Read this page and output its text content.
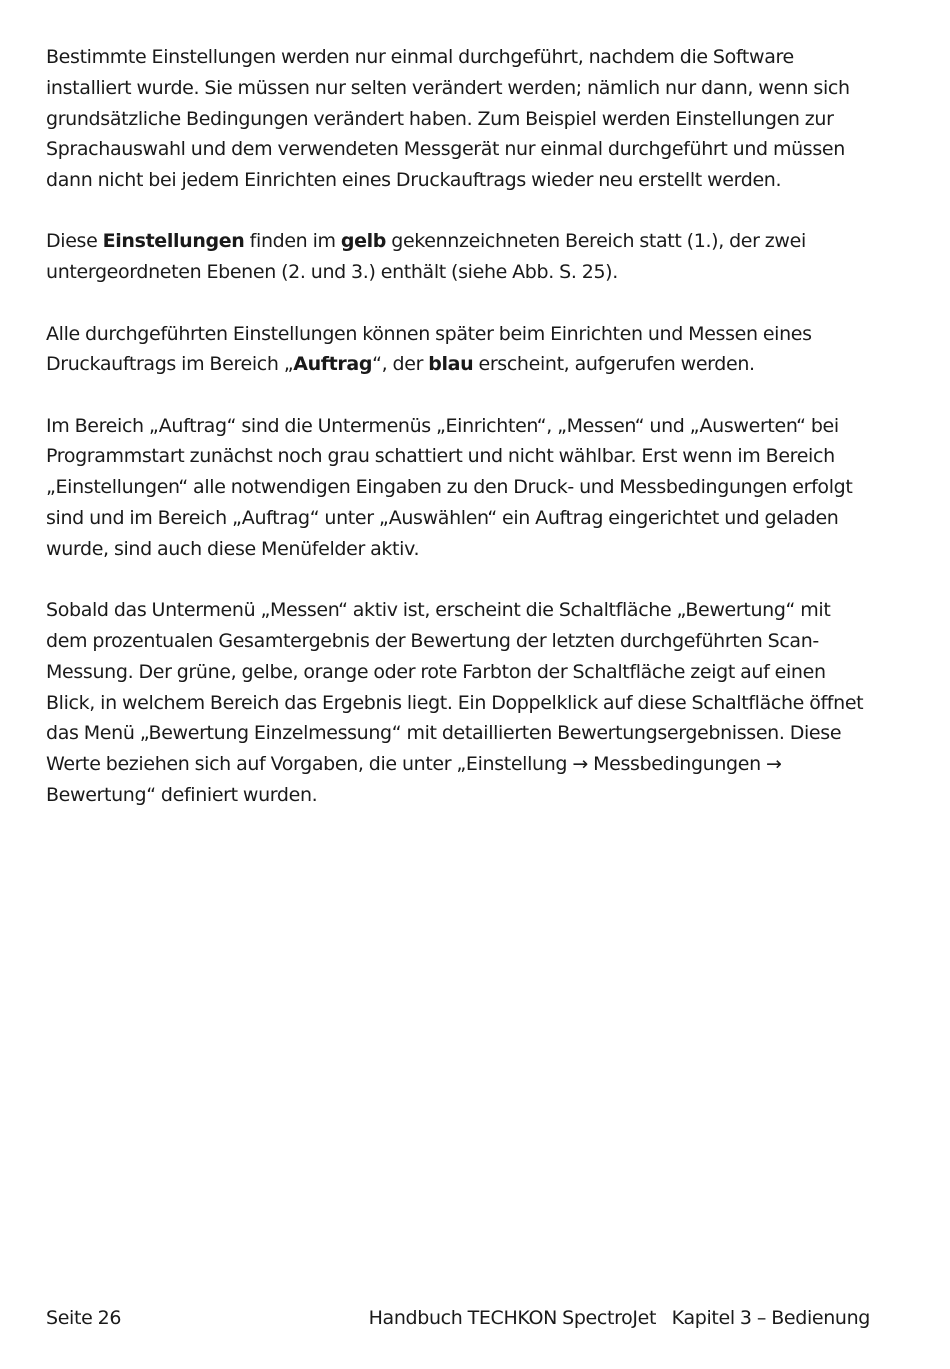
Bestimmte Einstellungen werden nur einmal durchgeführt, nachdem die Software installiert wurde. Sie müssen nur selten verändert werden; nämlich nur dann, wenn sich grundsätzliche Bedingungen verändert haben. Zum Beispiel werden Einstellungen zur Sprachauswahl und dem verwendeten Messgerät nur einmal durchgeführt und müssen dann nicht bei jedem Einrichten eines Druckauftrags wieder neu erstellt werden.

Diese Einstellungen finden im gelb gekennzeichneten Bereich statt (1.), der zwei untergeordneten Ebenen (2. und 3.) enthält (siehe Abb. S. 25).

Alle durchgeführten Einstellungen können später beim Einrichten und Messen eines Druckauftrags im Bereich „Auftrag“, der blau erscheint, aufgerufen werden.

Im Bereich „Auftrag“ sind die Untermenüs „Einrichten“, „Messen“ und „Auswerten“ bei Programmstart zunächst noch grau schattiert und nicht wählbar. Erst wenn im Bereich „Einstellungen“ alle notwendigen Eingaben zu den Druck- und Messbedingungen erfolgt sind und im Bereich „Auftrag“ unter „Auswählen“ ein Auftrag eingerichtet und geladen wurde, sind auch diese Menüfelder aktiv.

Sobald das Untermenü „Messen“ aktiv ist, erscheint die Schaltfläche „Bewertung“ mit dem prozentualen Gesamtergebnis der Bewertung der letzten durchgeführten Scan-Messung. Der grüne, gelbe, orange oder rote Farbton der Schaltfläche zeigt auf einen Blick, in welchem Bereich das Ergebnis liegt. Ein Doppelklick auf diese Schaltfläche öffnet das Menü „Bewertung Einzelmessung“ mit detaillierten Bewertungsergebnissen. Diese Werte beziehen sich auf Vorgaben, die unter „Einstellung → Messbedingungen → Bewertung“ definiert wurden.

Seite 26	Handbuch TECHKON SpectroJet Kapitel 3 – Bedienung
